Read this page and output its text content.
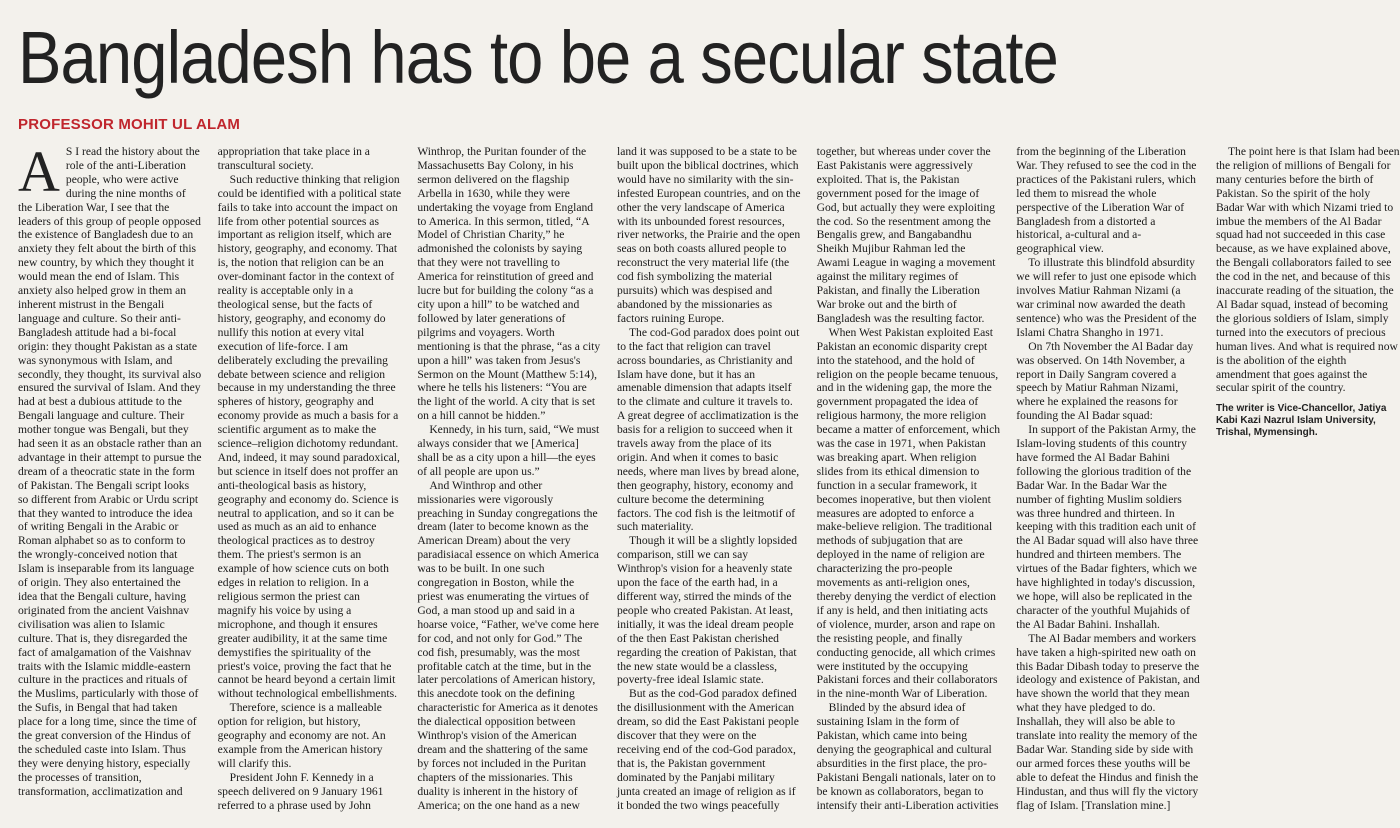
Bangladesh has to be a secular state
PROFESSOR MOHIT UL ALAM

A S I read the history about the role of the anti-Liberation people, who were active during the nine months of the Liberation War, I see that the leaders of this group of people opposed the existence of Bangladesh due to an anxiety they felt about the birth of this new country, by which they thought it would mean the end of Islam. This anxiety also helped grow in them an inherent mistrust in the Bengali language and culture. So their anti-Bangladesh attitude had a bi-focal origin: they thought Pakistan as a state was synonymous with Islam, and secondly, they thought, its survival also ensured the survival of Islam. And they had at best a dubious attitude to the Bengali language and culture. Their mother tongue was Bengali, but they had seen it as an obstacle rather than an advantage in their attempt to pursue the dream of a theocratic state in the form of Pakistan. The Bengali script looks so different from Arabic or Urdu script that they wanted to introduce the idea of writing Bengali in the Arabic or Roman alphabet so as to conform to the wrongly-conceived notion that Islam is inseparable from its language of origin. They also entertained the idea that the Bengali culture, having originated from the ancient Vaishnav civilisation was alien to Islamic culture. That is, they disregarded the fact of amalgamation of the Vaishnav traits with the Islamic middle-eastern culture in the practices and rituals of the Muslims, particularly with those of the Sufis, in Bengal that had taken place for a long time, since the time of the great conversion of the Hindus of the scheduled caste into Islam. Thus they were denying history, especially the processes of transition, transformation, acclimatization and appropriation that take place in a transcultural society.

Such reductive thinking that religion could be identified with a political state fails to take into account the impact on life from other potential sources as important as religion itself, which are history, geography, and economy. That is, the notion that religion can be an over-dominant factor in the context of reality is acceptable only in a theological sense, but the facts of history, geography, and economy do nullify this notion at every vital execution of life-force. I am deliberately excluding the prevailing debate between science and religion because in my understanding the three spheres of history, geography and economy provide as much a basis for a scientific argument as to make the science–religion dichotomy redundant. And, indeed, it may sound paradoxical, but science in itself does not proffer an anti-theological basis as history, geography and economy do. Science is neutral to application, and so it can be used as much as an aid to enhance theological practices as to destroy them. The priest's sermon is an example of how science cuts on both edges in relation to religion. In a religious sermon the priest can magnify his voice by using a microphone, and though it ensures greater audibility, it at the same time demystifies the spirituality of the priest's voice, proving the fact that he cannot be heard beyond a certain limit without technological embellishments.

Therefore, science is a malleable option for religion, but history, geography and economy are not. An example from the American history will clarify this.

President John F. Kennedy in a speech delivered on 9 January 1961 referred to a phrase used by John Winthrop, the Puritan founder of the Massachusetts Bay Colony, in his sermon delivered on the flagship Arbella in 1630, while they were undertaking the voyage from England to America. In this sermon, titled, “A Model of Christian Charity,” he admonished the colonists by saying that they were not travelling to America for reinstitution of greed and lucre but for building the colony “as a city upon a hill” to be watched and followed by later generations of pilgrims and voyagers. Worth mentioning is that the phrase, “as a city upon a hill” was taken from Jesus's Sermon on the Mount (Matthew 5:14), where he tells his listeners: “You are the light of the world. A city that is set on a hill cannot be hidden.”

Kennedy, in his turn, said, “We must always consider that we [America] shall be as a city upon a hill—the eyes of all people are upon us.”

And Winthrop and other missionaries were vigorously preaching in Sunday congregations the dream (later to become known as the American Dream) about the very paradisiacal essence on which America was to be built. In one such congregation in Boston, while the priest was enumerating the virtues of God, a man stood up and said in a hoarse voice, “Father, we've come here for cod, and not only for God.” The cod fish, presumably, was the most profitable catch at the time, but in the later percolations of American history, this anecdote took on the defining characteristic for America as it denotes the dialectical opposition between Winthrop's vision of the American dream and the shattering of the same by forces not included in the Puritan chapters of the missionaries. This duality is inherent in the history of America; on the one hand as a new land it was supposed to be a state to be built upon the biblical doctrines, which would have no similarity with the sin-infested European countries, and on the other the very landscape of America with its unbounded forest resources, river networks, the Prairie and the open seas on both coasts allured people to reconstruct the very material life (the cod fish symbolizing the material pursuits) which was despised and abandoned by the missionaries as factors ruining Europe.

The cod-God paradox does point out to the fact that religion can travel across boundaries, as Christianity and Islam have done, but it has an amenable dimension that adapts itself to the climate and culture it travels to. A great degree of acclimatization is the basis for a religion to succeed when it travels away from the place of its origin. And when it comes to basic needs, where man lives by bread alone, then geography, history, economy and culture become the determining factors. The cod fish is the leitmotif of such materiality.

Though it will be a slightly lopsided comparison, still we can say Winthrop's vision for a heavenly state upon the face of the earth had, in a different way, stirred the minds of the people who created Pakistan. At least, initially, it was the ideal dream people of the then East Pakistan cherished regarding the creation of Pakistan, that the new state would be a classless, poverty-free ideal Islamic state.

But as the cod-God paradox defined the disillusionment with the American dream, so did the East Pakistani people discover that they were on the receiving end of the cod-God paradox, that is, the Pakistan government dominated by the Panjabi military junta created an image of religion as if it bonded the two wings peacefully together, but whereas under cover the East Pakistanis were aggressively exploited. That is, the Pakistan government posed for the image of God, but actually they were exploiting the cod. So the resentment among the Bengalis grew, and Bangabandhu Sheikh Mujibur Rahman led the Awami League in waging a movement against the military regimes of Pakistan, and finally the Liberation War broke out and the birth of Bangladesh was the resulting factor.

When West Pakistan exploited East Pakistan an economic disparity crept into the statehood, and the hold of religion on the people became tenuous, and in the widening gap, the more the government propagated the idea of religious harmony, the more religion became a matter of enforcement, which was the case in 1971, when Pakistan was breaking apart. When religion slides from its ethical dimension to function in a secular framework, it becomes inoperative, but then violent measures are adopted to enforce a make-believe religion. The traditional methods of subjugation that are deployed in the name of religion are characterizing the pro-people movements as anti-religion ones, thereby denying the verdict of election if any is held, and then initiating acts of violence, murder, arson and rape on the resisting people, and finally conducting genocide, all which crimes were instituted by the occupying Pakistani forces and their collaborators in the nine-month War of Liberation.

Blinded by the absurd idea of sustaining Islam in the form of Pakistan, which came into being denying the geographical and cultural absurdities in the first place, the pro-Pakistani Bengali nationals, later on to be known as collaborators, began to intensify their anti-Liberation activities from the beginning of the Liberation War. They refused to see the cod in the practices of the Pakistani rulers, which led them to misread the whole perspective of the Liberation War of Bangladesh from a distorted a historical, a-cultural and a-geographical view.

To illustrate this blindfold absurdity we will refer to just one episode which involves Matiur Rahman Nizami (a war criminal now awarded the death sentence) who was the President of the Islami Chatra Shangho in 1971.

On 7th November the Al Badar day was observed. On 14th November, a report in Daily Sangram covered a speech by Matiur Rahman Nizami, where he explained the reasons for founding the Al Badar squad:

In support of the Pakistan Army, the Islam-loving students of this country have formed the Al Badar Bahini following the glorious tradition of the Badar War. In the Badar War the number of fighting Muslim soldiers was three hundred and thirteen. In keeping with this tradition each unit of the Al Badar squad will also have three hundred and thirteen members. The virtues of the Badar fighters, which we have highlighted in today's discussion, we hope, will also be replicated in the character of the youthful Mujahids of the Al Badar Bahini. Inshallah.

The Al Badar members and workers have taken a high-spirited new oath on this Badar Dibash today to preserve the ideology and existence of Pakistan, and have shown the world that they mean what they have pledged to do. Inshallah, they will also be able to translate into reality the memory of the Badar War. Standing side by side with our armed forces these youths will be able to defeat the Hindus and finish the Hindustan, and thus will fly the victory flag of Islam. [Translation mine.]

The point here is that Islam had been the religion of millions of Bengali for many centuries before the birth of Pakistan. So the spirit of the holy Badar War with which Nizami tried to imbue the members of the Al Badar squad had not succeeded in this case because, as we have explained above, the Bengali collaborators failed to see the cod in the net, and because of this inaccurate reading of the situation, the Al Badar squad, instead of becoming the glorious soldiers of Islam, simply turned into the executors of precious human lives. And what is required now is the abolition of the eighth amendment that goes against the secular spirit of the country.

The writer is Vice-Chancellor, Jatiya Kabi Kazi Nazrul Islam University, Trishal, Mymensingh.
